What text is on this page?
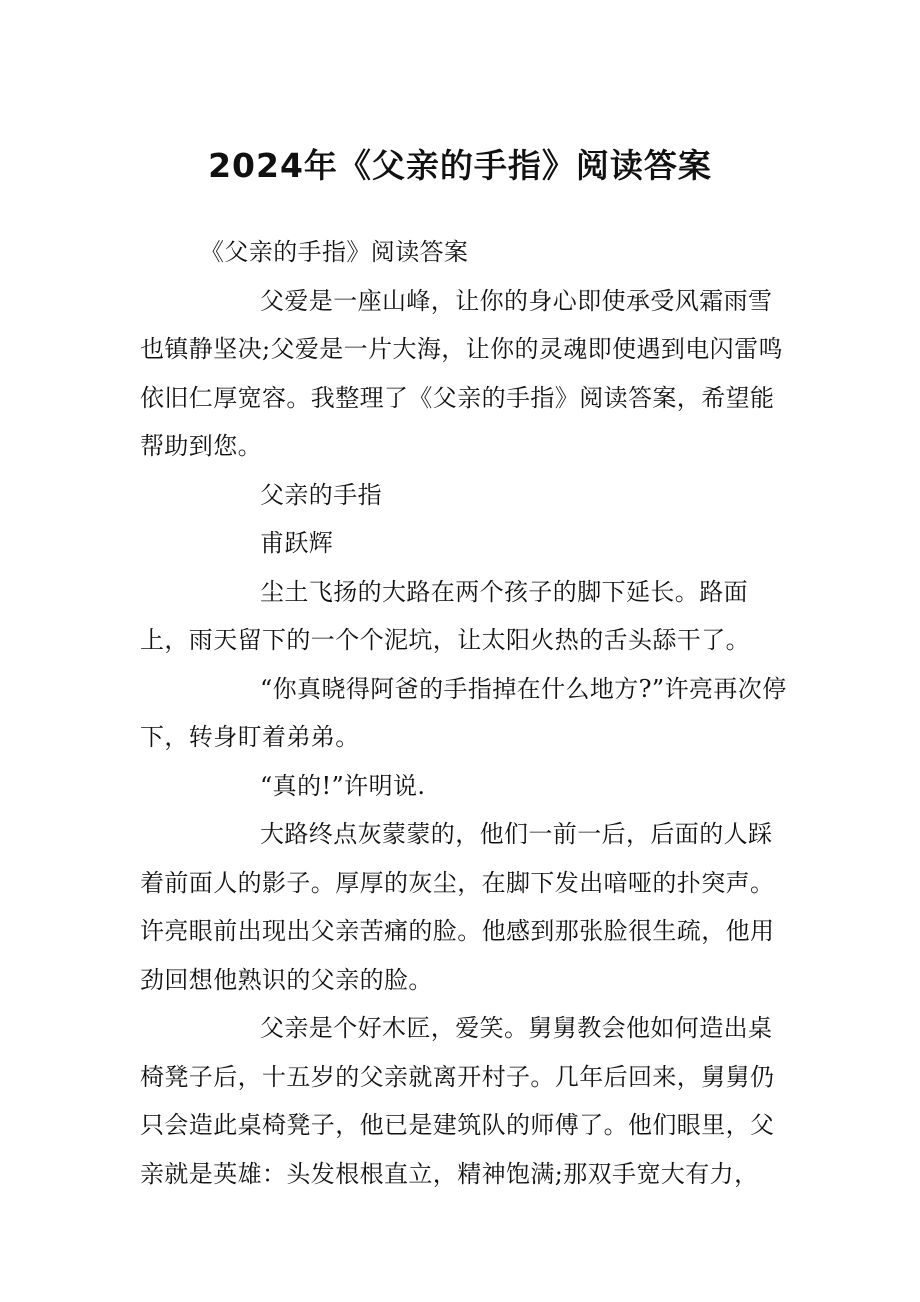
2024年《父亲的手指》阅读答案

《父亲的手指》阅读答案

父爱是一座山峰，让你的身心即使承受风霜雨雪也镇静坚决;父爱是一片大海，让你的灵魂即使遇到电闪雷鸣依旧仁厚宽容。我整理了《父亲的手指》阅读答案，希望能帮助到您。

父亲的手指

甫跃辉

尘土飞扬的大路在两个孩子的脚下延长。路面上，雨天留下的一个个泥坑，让太阳火热的舌头舔干了。

“你真晓得阿爸的手指掉在什么地方?”许亮再次停下，转身盯着弟弟。

“真的!”许明说.

大路终点灰蒙蒙的，他们一前一后，后面的人踩着前面人的影子。厚厚的灰尘，在脚下发出喑哑的扑突声。许亮眼前出现出父亲苦痛的脸。他感到那张脸很生疏，他用劲回想他熟识的父亲的脸。

父亲是个好木匠，爱笑。舅舅教会他如何造出桌椅凳子后，十五岁的父亲就离开村子。几年后回来，舅舅仍只会造此桌椅凳子，他已是建筑队的师傅了。他们眼里，父亲就是英雄：头发根根直立，精神饱满;那双手宽大有力，
